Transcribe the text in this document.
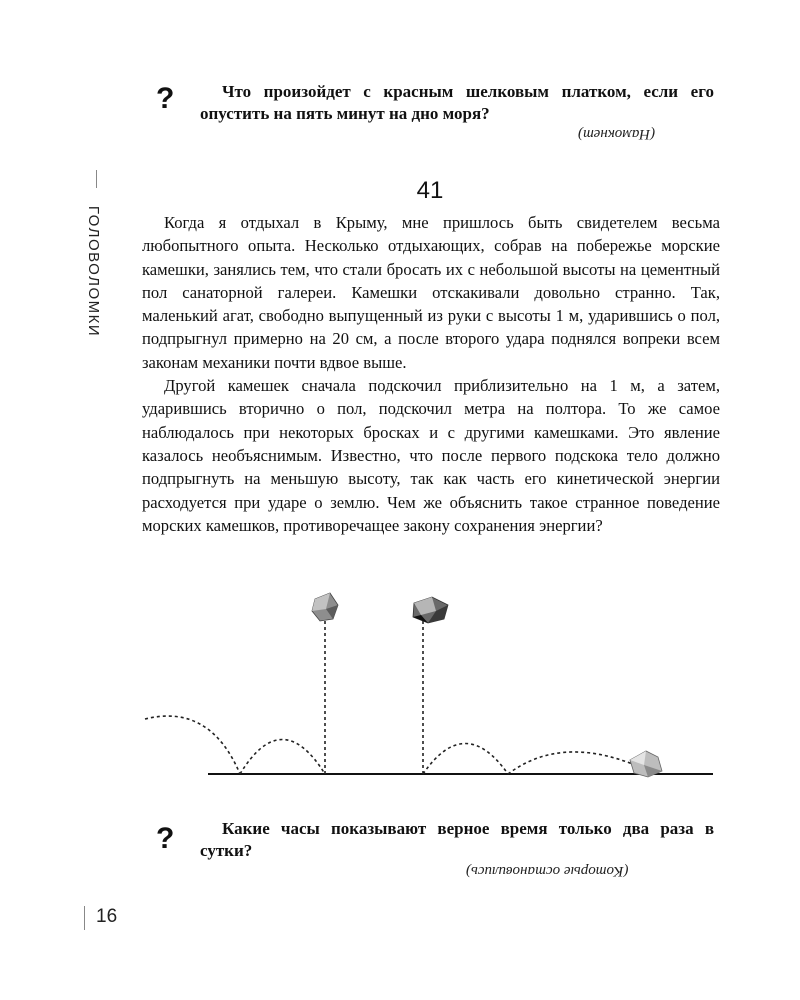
ГОЛОВОЛОМКИ
?	Что произойдет с красным шелковым платком, если его опустить на пять минут на дно моря?
(Намокнет)
41

Когда я отдыхал в Крыму, мне пришлось быть свидетелем весьма любопытного опыта. Несколько отдыхающих, собрав на побережье морские камешки, занялись тем, что стали бросать их с небольшой высоты на цементный пол санаторной галереи. Камешки отскакивали довольно странно. Так, маленький агат, свободно выпущенный из руки с высоты 1 м, ударившись о пол, подпрыгнул примерно на 20 см, а после второго удара поднялся вопреки всем законам механики почти вдвое выше.

Другой камешек сначала подскочил приблизительно на 1 м, а затем, ударившись вторично о пол, подскочил метра на полтора. То же самое наблюдалось при некоторых бросках и с другими камешками. Это явление казалось необъяснимым. Известно, что после первого подскока тело должно подпрыгнуть на меньшую высоту, так как часть его кинетической энергии расходуется при ударе о землю. Чем же объяснить такое странное поведение морских камешков, противоречащее закону сохранения энергии?

?	Какие часы показывают верное время только два раза в сутки?
(Которые остановились)
16
